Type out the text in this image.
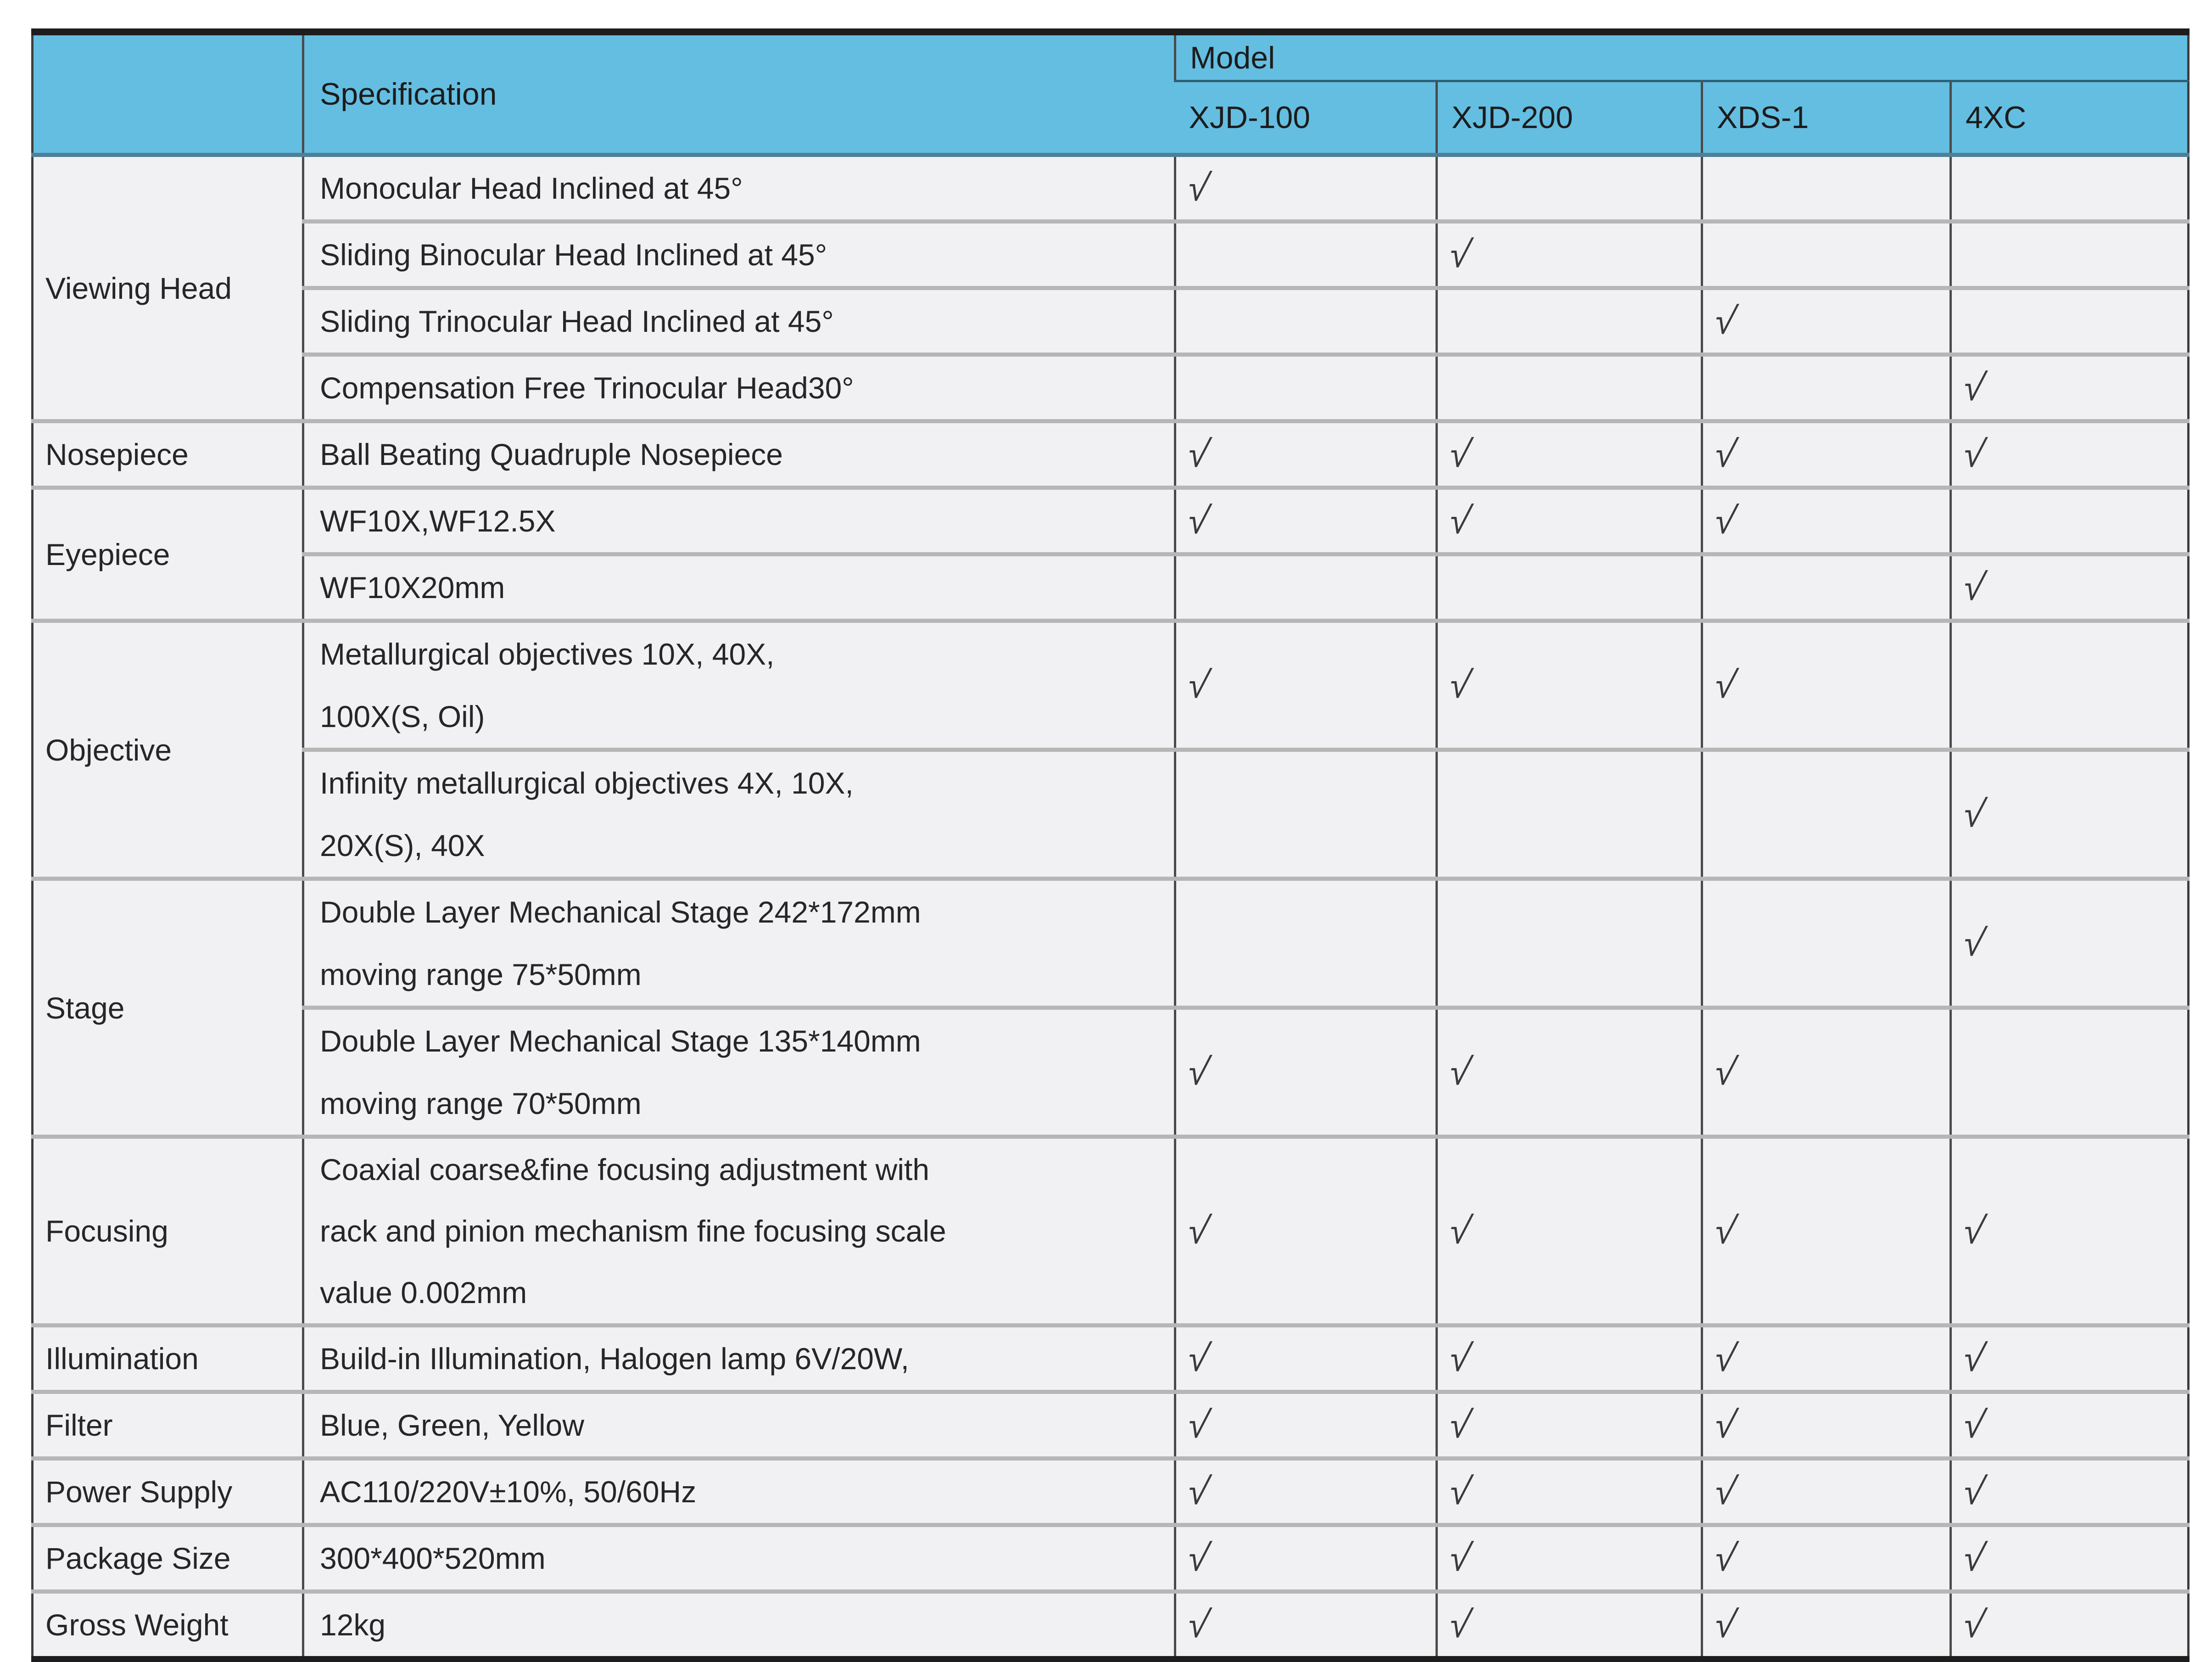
	Specification	Model			
		XJD-100	XJD-200	XDS-1	4XC
Viewing Head	Monocular Head Inclined at 45°	√			

	Sliding Binocular Head Inclined at 45°		√		

	Sliding Trinocular Head Inclined at 45°			√	

	Compensation Free Trinocular Head30°				√
Nosepiece	Ball Beating Quadruple Nosepiece	√	√	√	√
Eyepiece	WF10X,WF12.5X	√	√	√	

	WF10X20mm				√
Objective	Metallurgical objectives 10X, 40X,
100X(S, Oil)	√	√	√	

	Infinity metallurgical objectives 4X, 10X,
20X(S), 40X				√
Stage	Double Layer Mechanical Stage 242*172mm
moving range 75*50mm				√

	Double Layer Mechanical Stage 135*140mm
moving range 70*50mm	√	√	√	
Focusing	Coaxial coarse&fine focusing adjustment with
rack and pinion mechanism fine focusing scale
value 0.002mm	√	√	√	√
Illumination	Build-in Illumination, Halogen lamp 6V/20W,	√	√	√	√
Filter	Blue, Green, Yellow	√	√	√	√
Power Supply	AC110/220V±10%, 50/60Hz	√	√	√	√
Package Size	300*400*520mm	√	√	√	√
Gross Weight	12kg	√	√	√	√
